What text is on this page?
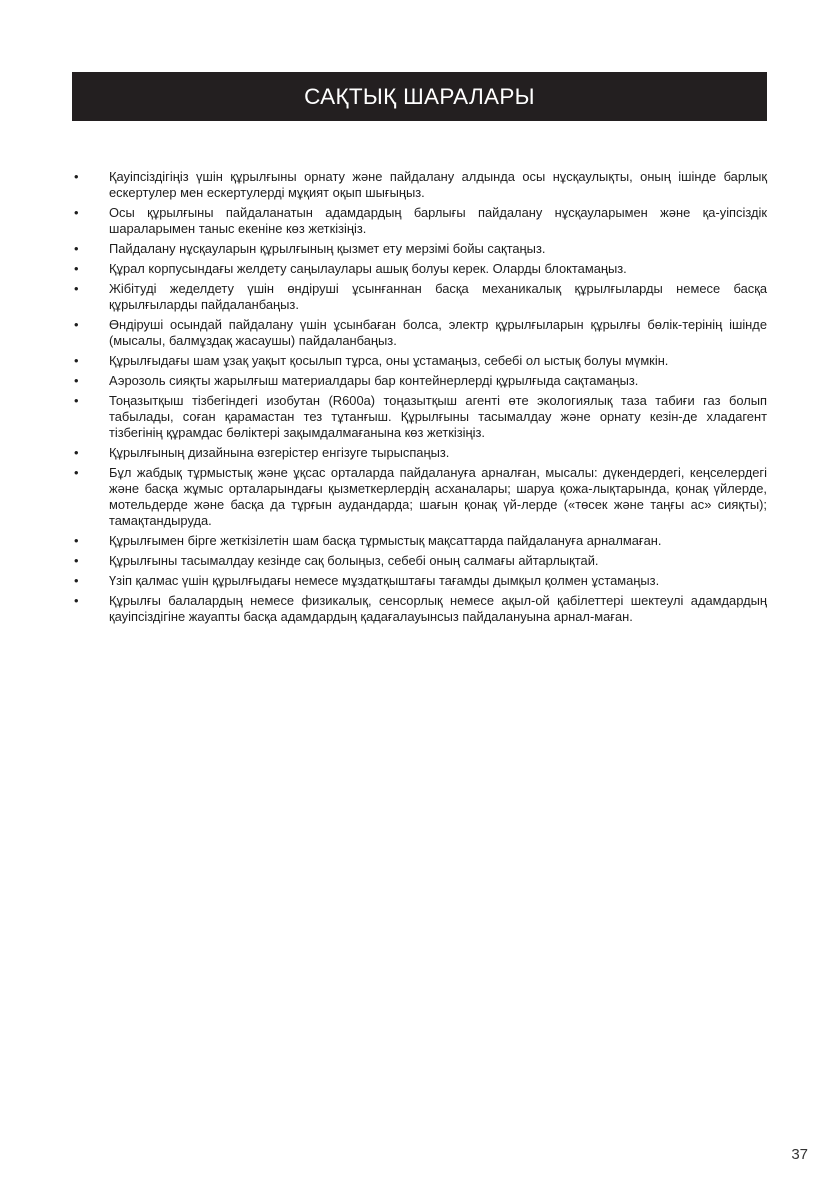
САҚТЫҚ ШАРАЛАРЫ
• Қауіпсіздігіңіз үшін құрылғыны орнату және пайдалану алдында осы нұсқаулықты, оның ішінде барлық ескертулер мен ескертулерді мұқият оқып шығыңыз.
• Осы құрылғыны пайдаланатын адамдардың барлығы пайдалану нұсқауларымен және қа-уіпсіздік шараларымен таныс екеніне көз жеткізіңіз.
• Пайдалану нұсқауларын құрылғының қызмет ету мерзімі бойы сақтаңыз.
• Құрал корпусындағы желдету саңылаулары ашық болуы керек. Оларды блоктамаңыз.
• Жібітуді жеделдету үшін өндіруші ұсынғаннан басқа механикалық құрылғыларды немесе басқа құрылғыларды пайдаланбаңыз.
• Өндіруші осындай пайдалану үшін ұсынбаған болса, электр құрылғыларын құрылғы бөлік-терінің ішінде (мысалы, балмұздақ жасаушы) пайдаланбаңыз.
• Құрылғыдағы шам ұзақ уақыт қосылып тұрса, оны ұстамаңыз, себебі ол ыстық болуы мүмкін.
• Аэрозоль сияқты жарылғыш материалдары бар контейнерлерді құрылғыда сақтамаңыз.
• Тоңазытқыш тізбегіндегі изобутан (R600a) тоңазытқыш агенті өте экологиялық таза табиғи газ болып табылады, соған қарамастан тез тұтанғыш. Құрылғыны тасымалдау және орнату кезін-де хладагент тізбегінің құрамдас бөліктері зақымдалмағанына көз жеткізіңіз.
• Құрылғының дизайнына өзгерістер енгізуге тырыспаңыз.
• Бұл жабдық тұрмыстық және ұқсас орталарда пайдалануға арналған, мысалы: дүкендердегі, кеңселердегі және басқа жұмыс орталарындағы қызметкерлердің асханалары; шаруа қожа-лықтарында, қонақ үйлерде, мотельдерде және басқа да тұрғын аудандарда; шағын қонақ үй-лерде («төсек және таңғы ас» сияқты); тамақтандыруда.
• Құрылғымен бірге жеткізілетін шам басқа тұрмыстық мақсаттарда пайдалануға арналмаған.
• Құрылғыны тасымалдау кезінде сақ болыңыз, себебі оның салмағы айтарлықтай.
• Үзіп қалмас үшін құрылғыдағы немесе мұздатқыштағы тағамды дымқыл қолмен ұстамаңыз.
• Құрылғы балалардың немесе физикалық, сенсорлық немесе ақыл-ой қабілеттері шектеулі адамдардың қауіпсіздігіне жауапты басқа адамдардың қадағалауынсыз пайдалануына арнал-маған.
37
